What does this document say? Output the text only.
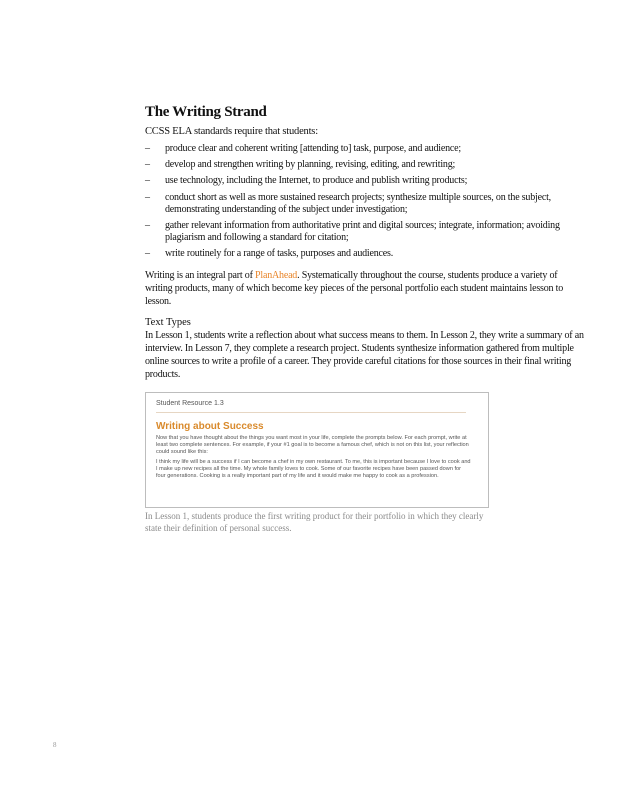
The Writing Strand

CCSS ELA standards require that students:

– produce clear and coherent writing [attending to] task, purpose, and audience;
– develop and strengthen writing by planning, revising, editing, and rewriting;
– use technology, including the Internet, to produce and publish writing products;
– conduct short as well as more sustained research projects; synthesize multiple sources, on the subject, demonstrating understanding of the subject under investigation;
– gather relevant information from authoritative print and digital sources; integrate, information; avoiding plagiarism and following a standard for citation;
– write routinely for a range of tasks, purposes and audiences.

Writing is an integral part of PlanAhead. Systematically throughout the course, students produce a variety of writing products, many of which become key pieces of the personal portfolio each student maintains lesson to lesson.

Text Types

In Lesson 1, students write a reflection about what success means to them. In Lesson 2, they write a summary of an interview. In Lesson 7, they complete a research project. Students synthesize information gathered from multiple online sources to write a profile of a career. They provide careful citations for those sources in their final writing products.

Student Resource 1.3
Writing about Success

Now that you have thought about the things you want most in your life, complete the prompts below. For each prompt, write at least two complete sentences. For example, if your #1 goal is to become a famous chef, which is not on this list, your reflection could sound like this:

I think my life will be a success if I can become a chef in my own restaurant. To me, this is important because I love to cook and I make up new recipes all the time. My whole family loves to cook. Some of our favorite recipes have been passed down for four generations. Cooking is a really important part of my life and it would make me happy to cook as a profession.

In Lesson 1, students produce the first writing product for their portfolio in which they clearly state their definition of personal success.

8
